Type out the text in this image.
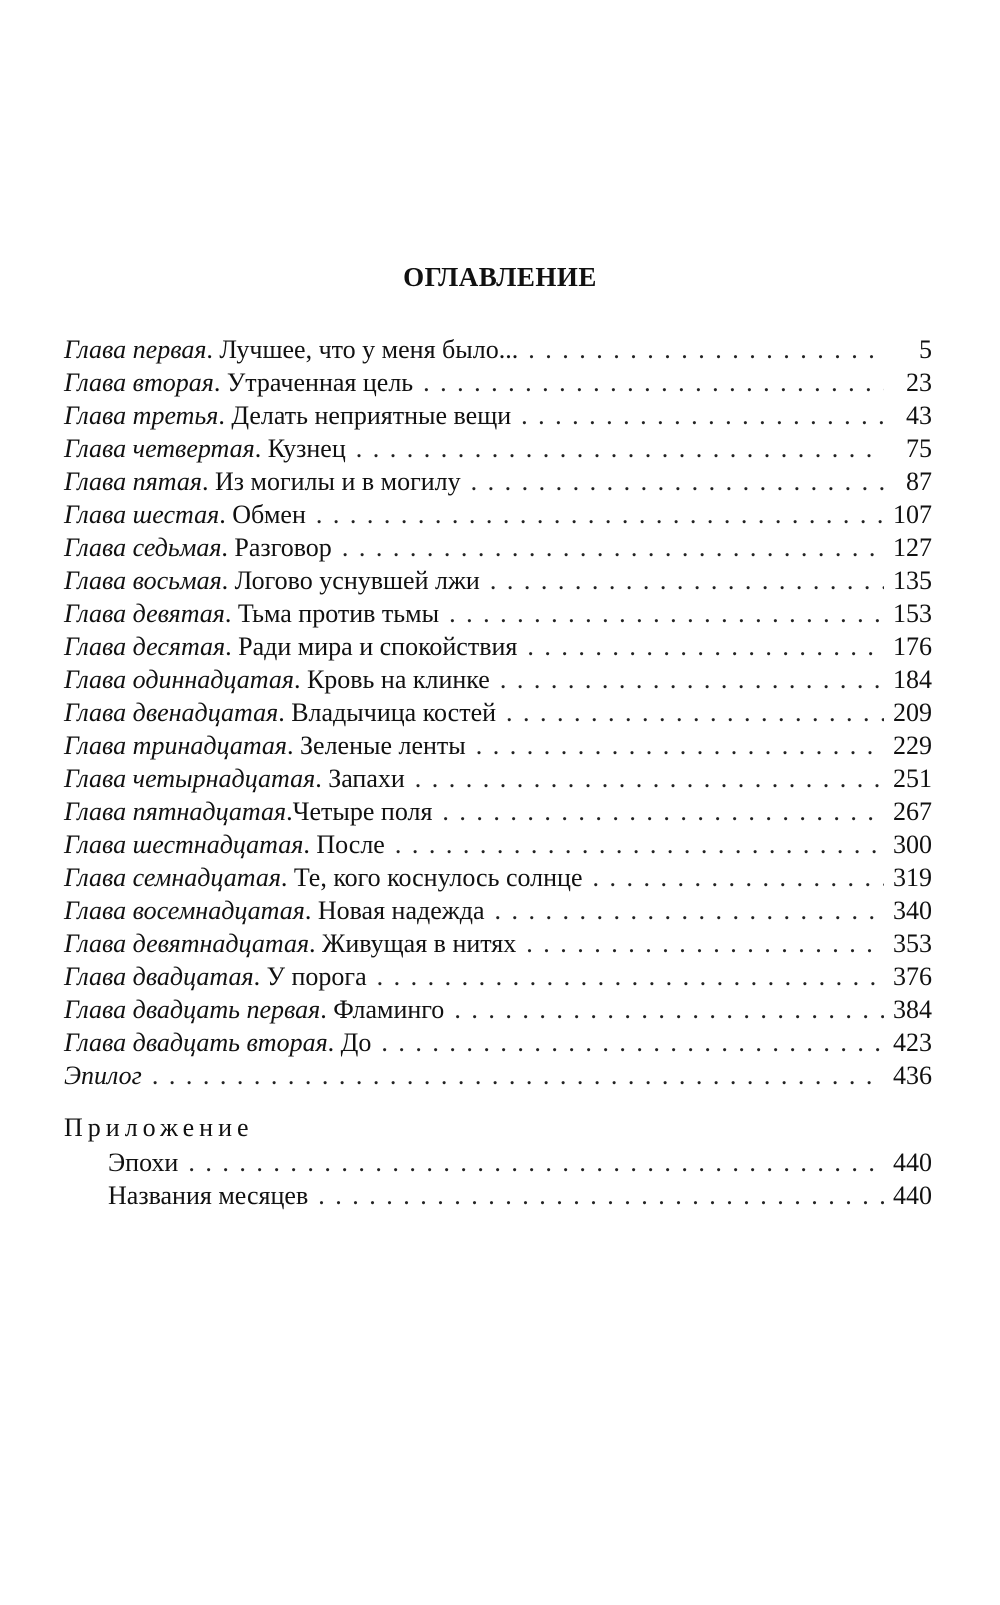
ОГЛАВЛЕНИЕ
Глава первая. Лучшее, что у меня было... . . .	5
Глава вторая. Утраченная цель . . .	23
Глава третья. Делать неприятные вещи . . .	43
Глава четвертая. Кузнец . . .	75
Глава пятая. Из могилы и в могилу . . .	87
Глава шестая. Обмен . . .	107
Глава седьмая. Разговор . . .	127
Глава восьмая. Логово уснувшей лжи . . .	135
Глава девятая. Тьма против тьмы . . .	153
Глава десятая. Ради мира и спокойствия . . .	176
Глава одиннадцатая. Кровь на клинке . . .	184
Глава двенадцатая. Владычица костей . . .	209
Глава тринадцатая. Зеленые ленты . . .	229
Глава четырнадцатая. Запахи . . .	251
Глава пятнадцатая.Четыре поля . . .	267
Глава шестнадцатая. После . . .	300
Глава семнадцатая. Те, кого коснулось солнце . . .	319
Глава восемнадцатая. Новая надежда . . .	340
Глава девятнадцатая. Живущая в нитях . . .	353
Глава двадцатая. У порога . . .	376
Глава двадцать первая. Фламинго . . .	384
Глава двадцать вторая. До . . .	423
Эпилог . . .	436
Приложение
Эпохи . . .	440
Названия месяцев . . .	440
